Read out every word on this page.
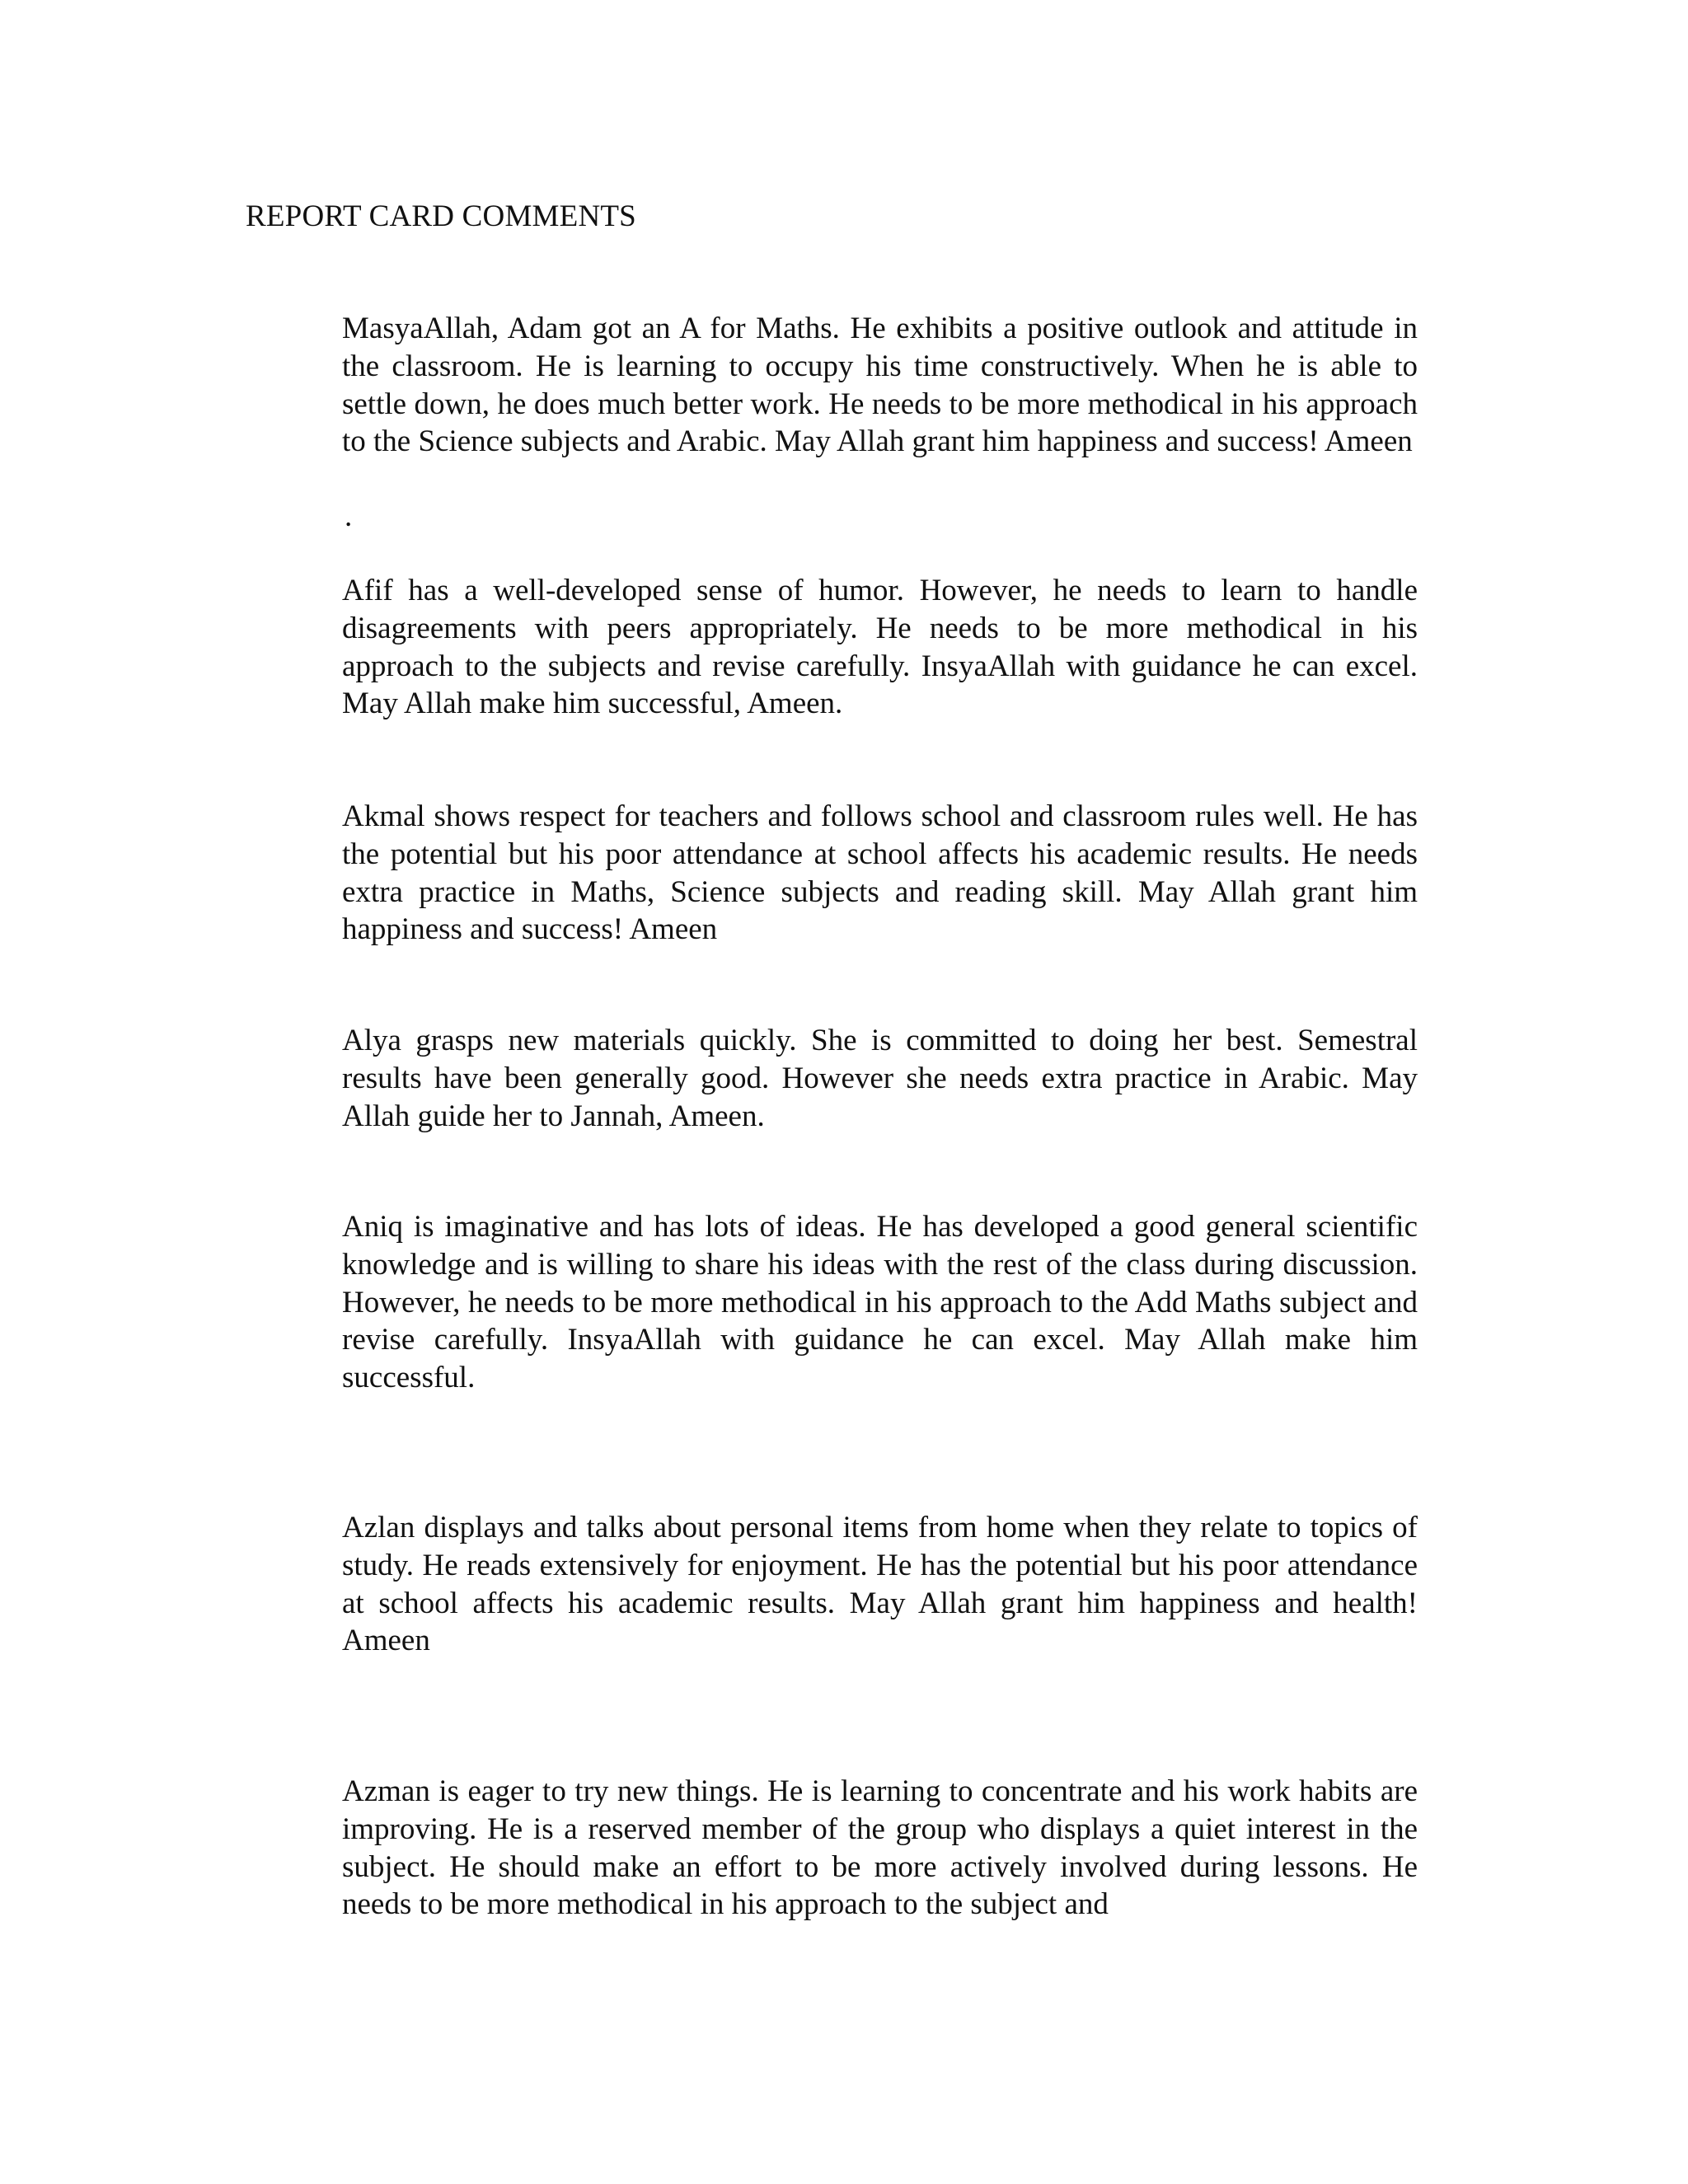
REPORT CARD COMMENTS

MasyaAllah, Adam got an A for Maths. He exhibits a positive outlook and attitude in the classroom. He is learning to occupy his time constructively. When he is able to settle down, he does much better work. He needs to be more methodical in his approach to the Science subjects and Arabic. May Allah grant him happiness and success! Ameen

.

Afif has a well-developed sense of humor. However, he needs to learn to handle disagreements with peers appropriately. He needs to be more methodical in his approach to the subjects and revise carefully. InsyaAllah with guidance he can excel. May Allah make him successful, Ameen.

Akmal shows respect for teachers and follows school and classroom rules well. He has the potential but his poor attendance at school affects his academic results. He needs extra practice in Maths, Science subjects and reading skill. May Allah grant him happiness and success! Ameen

Alya grasps new materials quickly. She is committed to doing her best. Semestral results have been generally good. However she needs extra practice in Arabic. May Allah guide her to Jannah, Ameen.

Aniq is imaginative and has lots of ideas. He has developed a good general scientific knowledge and is willing to share his ideas with the rest of the class during discussion. However, he needs to be more methodical in his approach to the Add Maths subject and revise carefully. InsyaAllah with guidance he can excel. May Allah make him successful.

Azlan displays and talks about personal items from home when they relate to topics of study. He reads extensively for enjoyment. He has the potential but his poor attendance at school affects his academic results. May Allah grant him happiness and health! Ameen

Azman is eager to try new things. He is learning to concentrate and his work habits are improving. He is a reserved member of the group who displays a quiet interest in the subject. He should make an effort to be more actively involved during lessons. He needs to be more methodical in his approach to the subject and
